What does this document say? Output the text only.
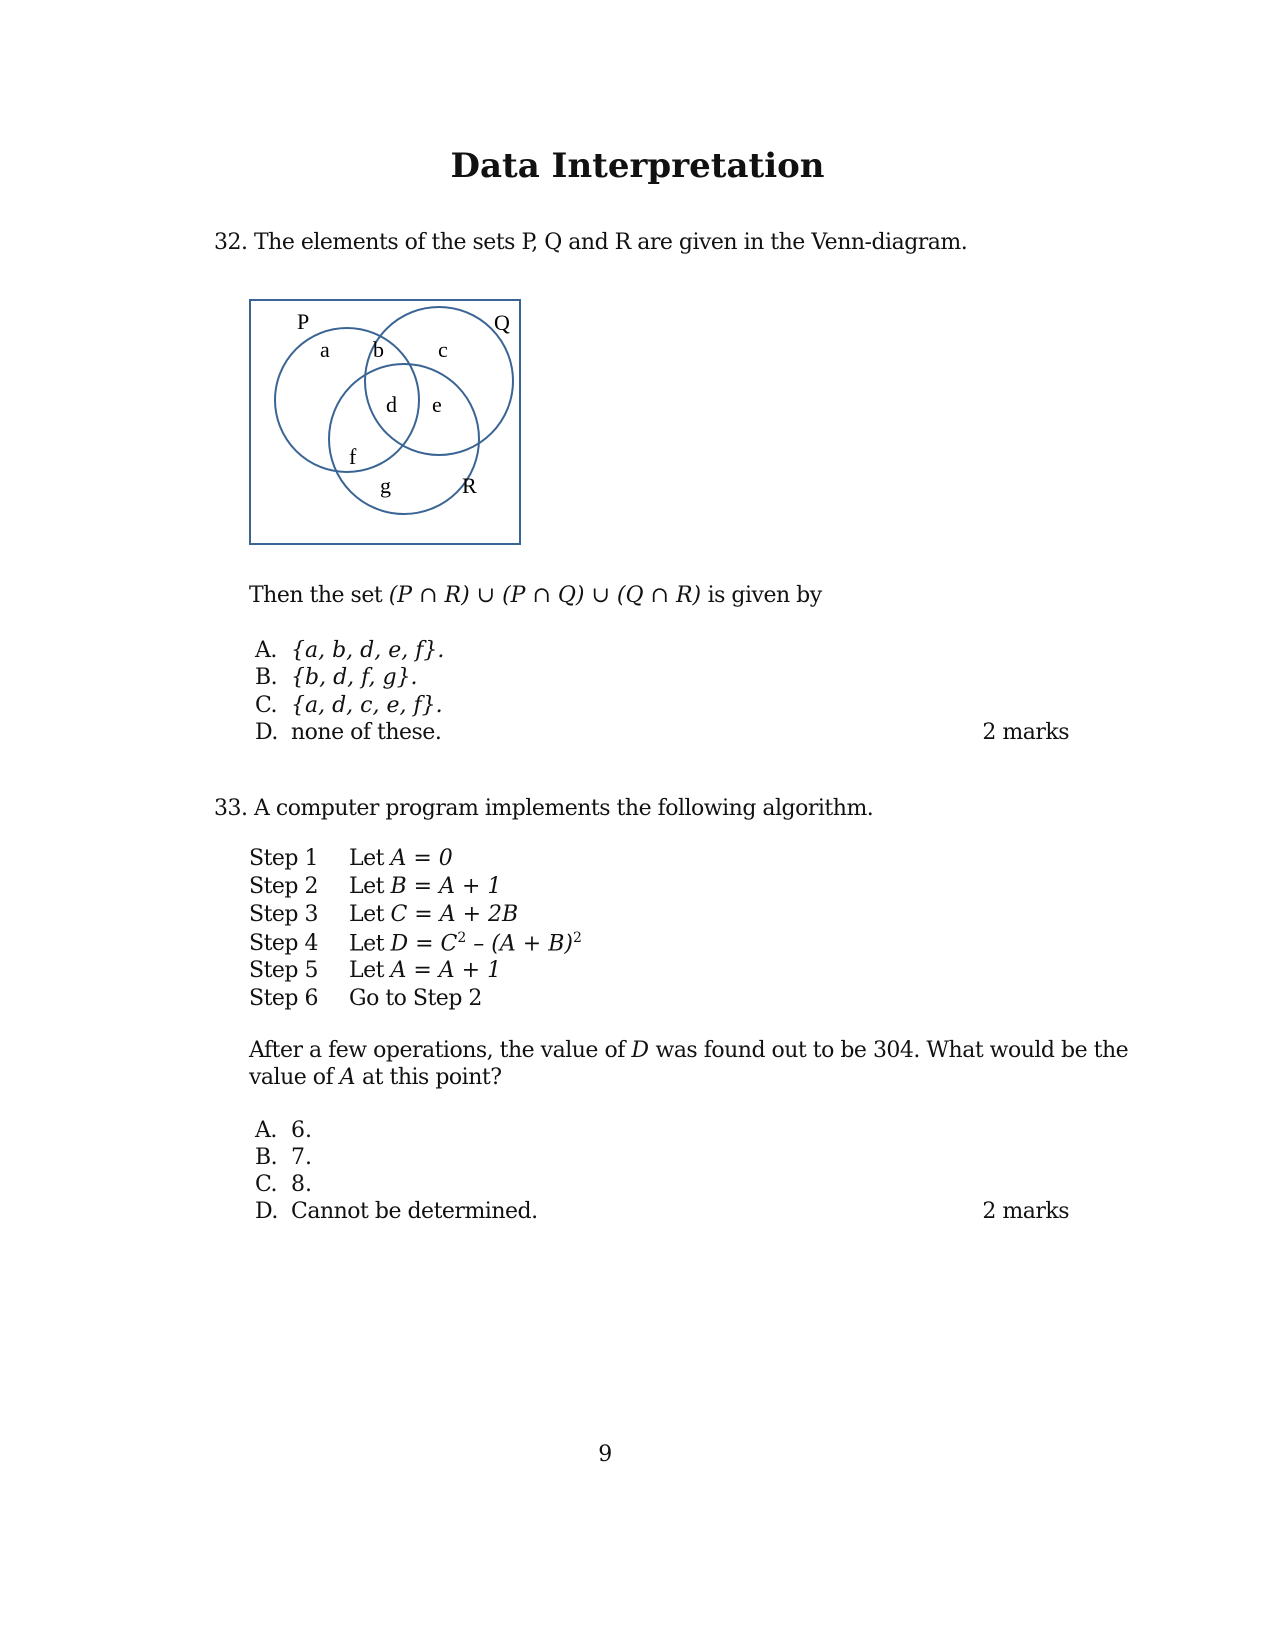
Data Interpretation
32. The elements of the sets P, Q and R are given in the Venn-diagram.
P	Q
R
a b c
d e
f
g
Then the set (P ∩ R) ∪ (P ∩ Q) ∪ (Q ∩ R) is given by
A. {a, b, d, e, f}.
B. {b, d, f, g}.
C. {a, d, c, e, f}.
D. none of these.	2 marks
33. A computer program implements the following algorithm.
Step 1 Let A = 0
Step 2 Let B = A + 1
Step 3 Let C = A + 2B
Step 4 Let $D = C^2 - (A + B)^2$
Step 5 Let A = A + 1
Step 6 Go to Step 2
After a few operations, the value of D was found out to be 304. What would be the
value of A at this point?
A. 6.
B. 7.
C. 8.
D. Cannot be determined.	2 marks
9
